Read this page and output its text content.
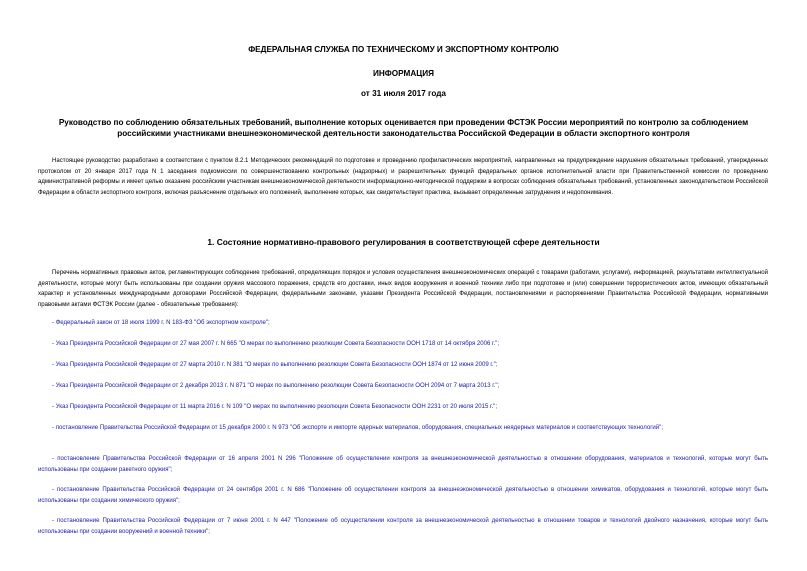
ФЕДЕРАЛЬНАЯ СЛУЖБА ПО ТЕХНИЧЕСКОМУ И ЭКСПОРТНОМУ КОНТРОЛЮ
ИНФОРМАЦИЯ
от 31 июля 2017 года
Руководство по соблюдению обязательных требований, выполнение которых оценивается при проведении ФСТЭК России мероприятий по контролю за соблюдением российскими участниками внешнеэкономической деятельности законодательства Российской Федерации в области экспортного контроля
Настоящее руководство разработано в соответствии с пунктом 8.2.1 Методических рекомендаций по подготовке и проведению профилактических мероприятий, направленных на предупреждение нарушения обязательных требований, утвержденных протоколом от 20 января 2017 года N 1 заседания подкомиссии по совершенствованию контрольных (надзорных) и разрешительных функций федеральных органов исполнительной власти при Правительственной комиссии по проведению административной реформы и имеет целью оказание российским участникам внешнеэкономической деятельности информационно-методической поддержки в вопросах соблюдения обязательных требований, установленных законодательством Российской Федерации в области экспортного контроля, включая разъяснение отдельных его положений, выполнение которых, как свидетельствует практика, вызывает определенные затруднения и недопонимания.
1. Состояние нормативно-правового регулирования в соответствующей сфере деятельности
Перечень нормативных правовых актов, регламентирующих соблюдение требований, определяющих порядок и условия осуществления внешнеэкономических операций с товарами (работами, услугами), информацией, результатами интеллектуальной деятельности, которые могут быть использованы при создании оружия массового поражения, средств его доставки, иных видов вооружения и военной техники либо при подготовке и (или) совершении террористических актов, имеющих обязательный характер и установленных международными договорами Российской Федерации, федеральными законами, указами Президента Российской Федерации, постановлениями и распоряжениями Правительства Российской Федерации, нормативными правовыми актами ФСТЭК России (далее - обязательные требования):
- Федеральный закон от 18 июля 1999 г. N 183-ФЗ "Об экспортном контроле";
- Указ Президента Российской Федерации от 27 мая 2007 г. N 665 "О мерах по выполнению резолюции Совета Безопасности ООН 1718 от 14 октября 2006 г.";
- Указ Президента Российской Федерации от 27 марта 2010 г. N 381 "О мерах по выполнению резолюции Совета Безопасности ООН 1874 от 12 июня 2009 г.";
- Указ Президента Российской Федерации от 2 декабря 2013 г. N 871 "О мерах по выполнению резолюции Совета Безопасности ООН 2094 от 7 марта 2013 г.";
- Указ Президента Российской Федерации от 11 марта 2016 г. N 109 "О мерах по выполнению резолюции Совета Безопасности ООН 2231 от 20 июля 2015 г.";
- постановление Правительства Российской Федерации от 15 декабря 2000 г. N 973 "Об экспорте и импорте ядерных материалов, оборудования, специальных неядерных материалов и соответствующих технологий";
- постановление Правительства Российской Федерации от 16 апреля 2001 N 296 "Положение об осуществлении контроля за внешнеэкономической деятельностью в отношении оборудования, материалов и технологий, которые могут быть использованы при создании ракетного оружия";
- постановление Правительства Российской Федерации от 24 сентября 2001 г. N 686 "Положение об осуществлении контроля за внешнеэкономической деятельностью в отношении химикатов, оборудования и технологий, которые могут быть использованы при создании химического оружия";
- постановление Правительства Российской Федерации от 7 июня 2001 г. N 447 "Положение об осуществлении контроля за внешнеэкономической деятельностью в отношении товаров и технологий двойного назначения, которые могут быть использованы при создании вооружений и военной техники";
